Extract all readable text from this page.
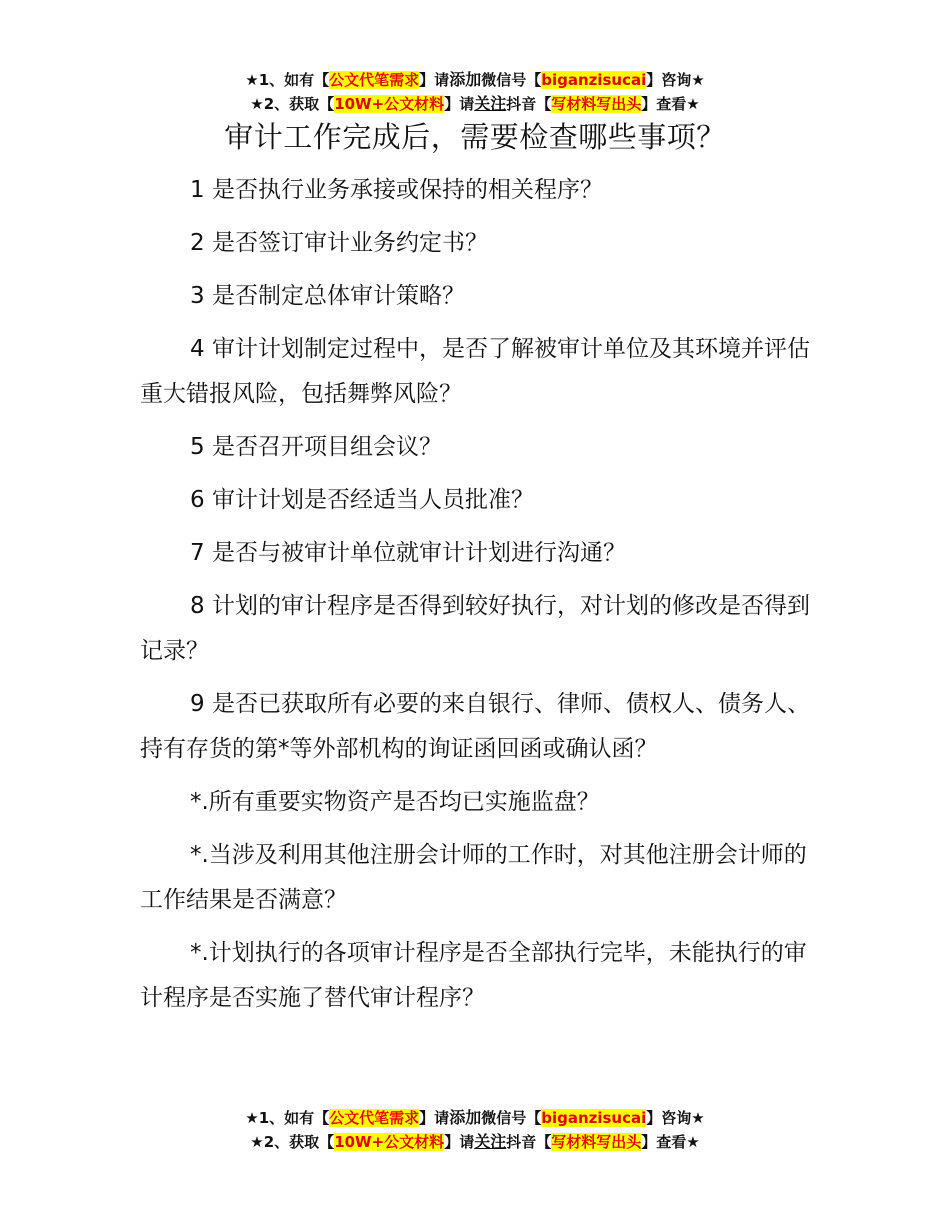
★1、如有【公文代笔需求】请添加微信号【biganzisucai】咨询★
★2、获取【10W+公文材料】请关注抖音【写材料写出头】查看★
审计工作完成后，需要检查哪些事项？

1 是否执行业务承接或保持的相关程序？

2 是否签订审计业务约定书？

3 是否制定总体审计策略？

4 审计计划制定过程中，是否了解被审计单位及其环境并评估重大错报风险，包括舞弊风险？

5 是否召开项目组会议？

6 审计计划是否经适当人员批准？

7 是否与被审计单位就审计计划进行沟通？

8 计划的审计程序是否得到较好执行，对计划的修改是否得到记录？

9 是否已获取所有必要的来自银行、律师、债权人、债务人、持有存货的第*等外部机构的询证函回函或确认函？

*.所有重要实物资产是否均已实施监盘？

*.当涉及利用其他注册会计师的工作时，对其他注册会计师的工作结果是否满意？

*.计划执行的各项审计程序是否全部执行完毕，未能执行的审计程序是否实施了替代审计程序？

★1、如有【公文代笔需求】请添加微信号【biganzisucai】咨询★
★2、获取【10W+公文材料】请关注抖音【写材料写出头】查看★
